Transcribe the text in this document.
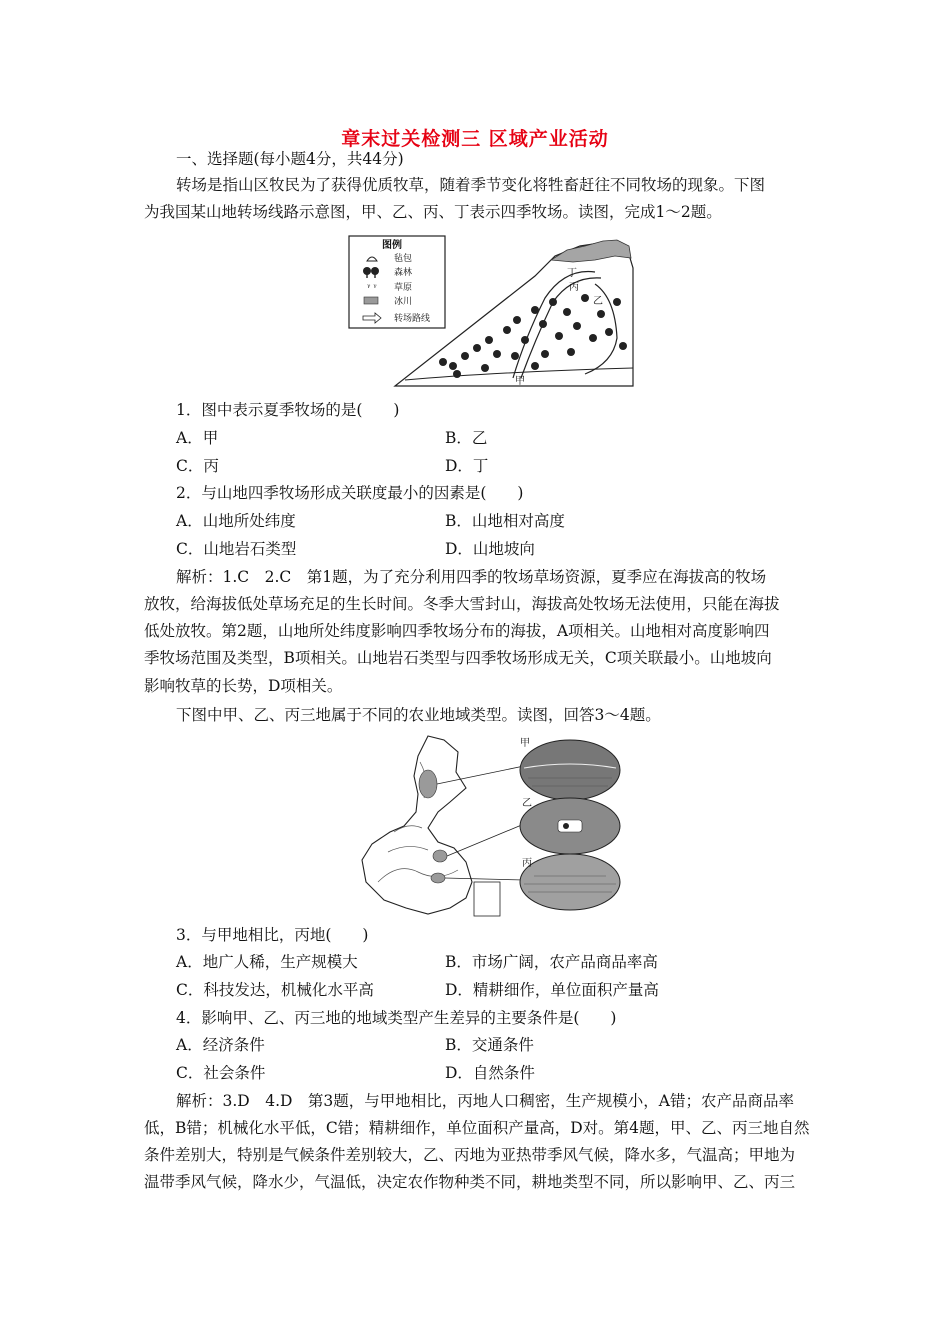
章末过关检测三 区域产业活动
一、选择题(每小题4分，共44分)
转场是指山区牧民为了获得优质牧草，随着季节变化将牲畜赶往不同牧场的现象。下图
为我国某山地转场线路示意图，甲、乙、丙、丁表示四季牧场。读图，完成1～2题。
图例
毡包
森林
ᵞ ᵞ 草原
冰川
转场路线
丁
丙
乙
甲
1．图中表示夏季牧场的是(　　)
A．甲	B．乙
C．丙	D．丁
2．与山地四季牧场形成关联度最小的因素是(　　)
A．山地所处纬度	B．山地相对高度
C．山地岩石类型	D．山地坡向
解析：1.C　2.C　第1题，为了充分利用四季的牧场草场资源，夏季应在海拔高的牧场
放牧，给海拔低处草场充足的生长时间。冬季大雪封山，海拔高处牧场无法使用，只能在海拔
低处放牧。第2题，山地所处纬度影响四季牧场分布的海拔，A项相关。山地相对高度影响四
季牧场范围及类型，B项相关。山地岩石类型与四季牧场形成无关，C项关联最小。山地坡向
影响牧草的长势，D项相关。
下图中甲、乙、丙三地属于不同的农业地域类型。读图，回答3～4题。
甲
乙
丙
3．与甲地相比，丙地(　　)
A．地广人稀，生产规模大	B．市场广阔，农产品商品率高
C．科技发达，机械化水平高	D．精耕细作，单位面积产量高
4．影响甲、乙、丙三地的地域类型产生差异的主要条件是(　　)
A．经济条件	B．交通条件
C．社会条件	D．自然条件
解析：3.D　4.D　第3题，与甲地相比，丙地人口稠密，生产规模小，A错；农产品商品率
低，B错；机械化水平低，C错；精耕细作，单位面积产量高，D对。第4题，甲、乙、丙三地自然
条件差别大，特别是气候条件差别较大，乙、丙地为亚热带季风气候，降水多，气温高；甲地为
温带季风气候，降水少，气温低，决定农作物种类不同，耕地类型不同，所以影响甲、乙、丙三
